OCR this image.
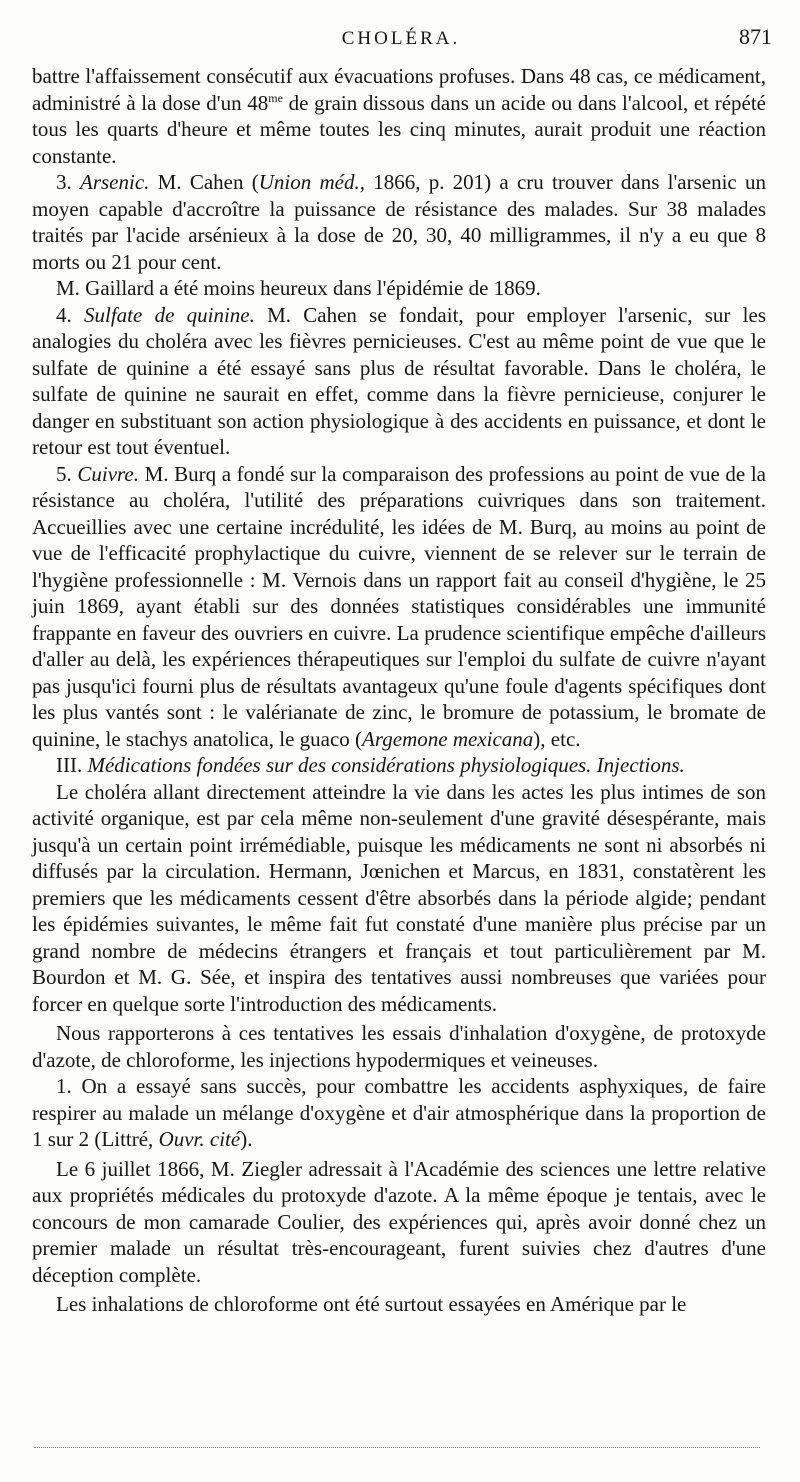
CHOLÉRA.	871

battre l'affaissement consécutif aux évacuations profuses. Dans 48 cas, ce médicament, administré à la dose d'un $48^{me}$ de grain dissous dans un acide ou dans l'alcool, et répété tous les quarts d'heure et même toutes les cinq minutes, aurait produit une réaction constante.

3. Arsenic. M. Cahen (Union méd., 1866, p. 201) a cru trouver dans l'arsenic un moyen capable d'accroître la puissance de résistance des malades. Sur 38 malades traités par l'acide arsénieux à la dose de 20, 30, 40 milligrammes, il n'y a eu que 8 morts ou 21 pour cent.

M. Gaillard a été moins heureux dans l'épidémie de 1869.

4. Sulfate de quinine. M. Cahen se fondait, pour employer l'arsenic, sur les analogies du choléra avec les fièvres pernicieuses. C'est au même point de vue que le sulfate de quinine a été essayé sans plus de résultat favorable. Dans le choléra, le sulfate de quinine ne saurait en effet, comme dans la fièvre pernicieuse, conjurer le danger en substituant son action physiologique à des accidents en puissance, et dont le retour est tout éventuel.

5. Cuivre. M. Burq a fondé sur la comparaison des professions au point de vue de la résistance au choléra, l'utilité des préparations cuivriques dans son traitement. Accueillies avec une certaine incrédulité, les idées de M. Burq, au moins au point de vue de l'efficacité prophylactique du cuivre, viennent de se relever sur le terrain de l'hygiène professionnelle : M. Vernois dans un rapport fait au conseil d'hygiène, le 25 juin 1869, ayant établi sur des données statistiques considérables une immunité frappante en faveur des ouvriers en cuivre. La prudence scientifique empêche d'ailleurs d'aller au delà, les expériences thérapeutiques sur l'emploi du sulfate de cuivre n'ayant pas jusqu'ici fourni plus de résultats avantageux qu'une foule d'agents spécifiques dont les plus vantés sont : le valérianate de zinc, le bromure de potassium, le bromate de quinine, le stachys anatolica, le guaco (Argemone mexicana), etc.

III. Médications fondées sur des considérations physiologiques. Injections.

Le choléra allant directement atteindre la vie dans les actes les plus intimes de son activité organique, est par cela même non-seulement d'une gravité désespérante, mais jusqu'à un certain point irrémédiable, puisque les médicaments ne sont ni absorbés ni diffusés par la circulation. Hermann, Jœnichen et Marcus, en 1831, constatèrent les premiers que les médicaments cessent d'être absorbés dans la période algide; pendant les épidémies suivantes, le même fait fut constaté d'une manière plus précise par un grand nombre de médecins étrangers et français et tout particulièrement par M. Bourdon et M. G. Sée, et inspira des tentatives aussi nombreuses que variées pour forcer en quelque sorte l'introduction des médicaments.

Nous rapporterons à ces tentatives les essais d'inhalation d'oxygène, de protoxyde d'azote, de chloroforme, les injections hypodermiques et veineuses.

1. On a essayé sans succès, pour combattre les accidents asphyxiques, de faire respirer au malade un mélange d'oxygène et d'air atmosphérique dans la proportion de 1 sur 2 (Littré, Ouvr. cité).

Le 6 juillet 1866, M. Ziegler adressait à l'Académie des sciences une lettre relative aux propriétés médicales du protoxyde d'azote. A la même époque je tentais, avec le concours de mon camarade Coulier, des expériences qui, après avoir donné chez un premier malade un résultat très-encourageant, furent suivies chez d'autres d'une déception complète.

Les inhalations de chloroforme ont été surtout essayées en Amérique par le
